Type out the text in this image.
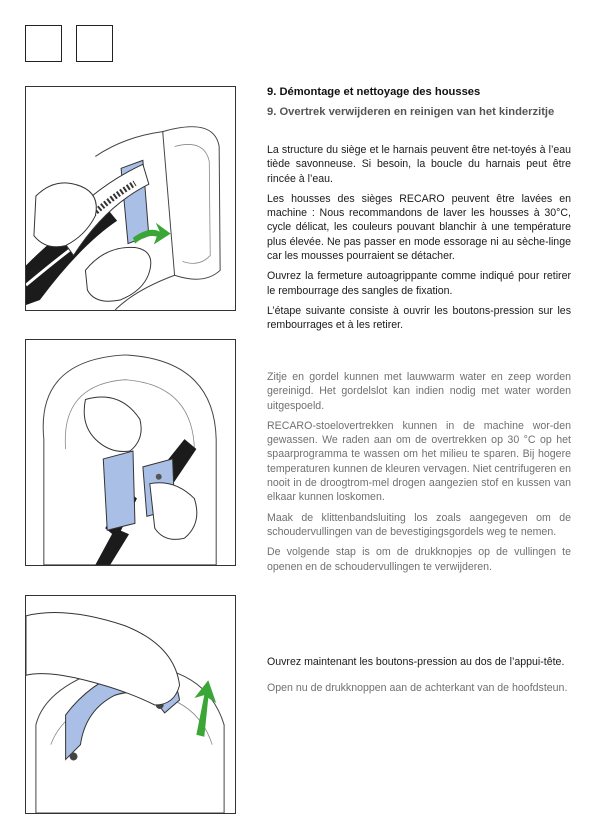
9. Démontage et nettoyage des housses

9. Overtrek verwijderen en reinigen van het kinderzitje

La structure du siège et le harnais peuvent être net-toyés à l’eau tiède savonneuse. Si besoin, la boucle du harnais peut être rincée à l’eau.

Les housses des sièges RECARO peuvent être lavées en machine : Nous recommandons de laver les housses à 30°C, cycle délicat, les couleurs pouvant blanchir à une température plus élevée. Ne pas passer en mode essorage ni au sèche-linge car les mousses pourraient se détacher.

Ouvrez la fermeture autoagrippante comme indiqué pour retirer le rembourrage des sangles de fixation.

L’étape suivante consiste à ouvrir les boutons-pression sur les rembourrages et à les retirer.

Zitje en gordel kunnen met lauwwarm water en zeep worden gereinigd. Het gordelslot kan indien nodig met water worden uitgespoeld.

RECARO-stoelovertrekken kunnen in de machine wor-den gewassen. We raden aan om de overtrekken op 30 °C op het spaarprogramma te wassen om het milieu te sparen. Bij hogere temperaturen kunnen de kleuren vervagen. Niet centrifugeren en nooit in de droogtrom-mel drogen aangezien stof en kussen van elkaar kunnen loskomen.

Maak de klittenbandsluiting los zoals aangegeven om de schoudervullingen van de bevestigingsgordels weg te nemen.

De volgende stap is om de drukknopjes op de vullingen te openen en de schoudervullingen te verwijderen.

Ouvrez maintenant les boutons-pression au dos de l’appui-tête.

Open nu de drukknoppen aan de achterkant van de hoofdsteun.
